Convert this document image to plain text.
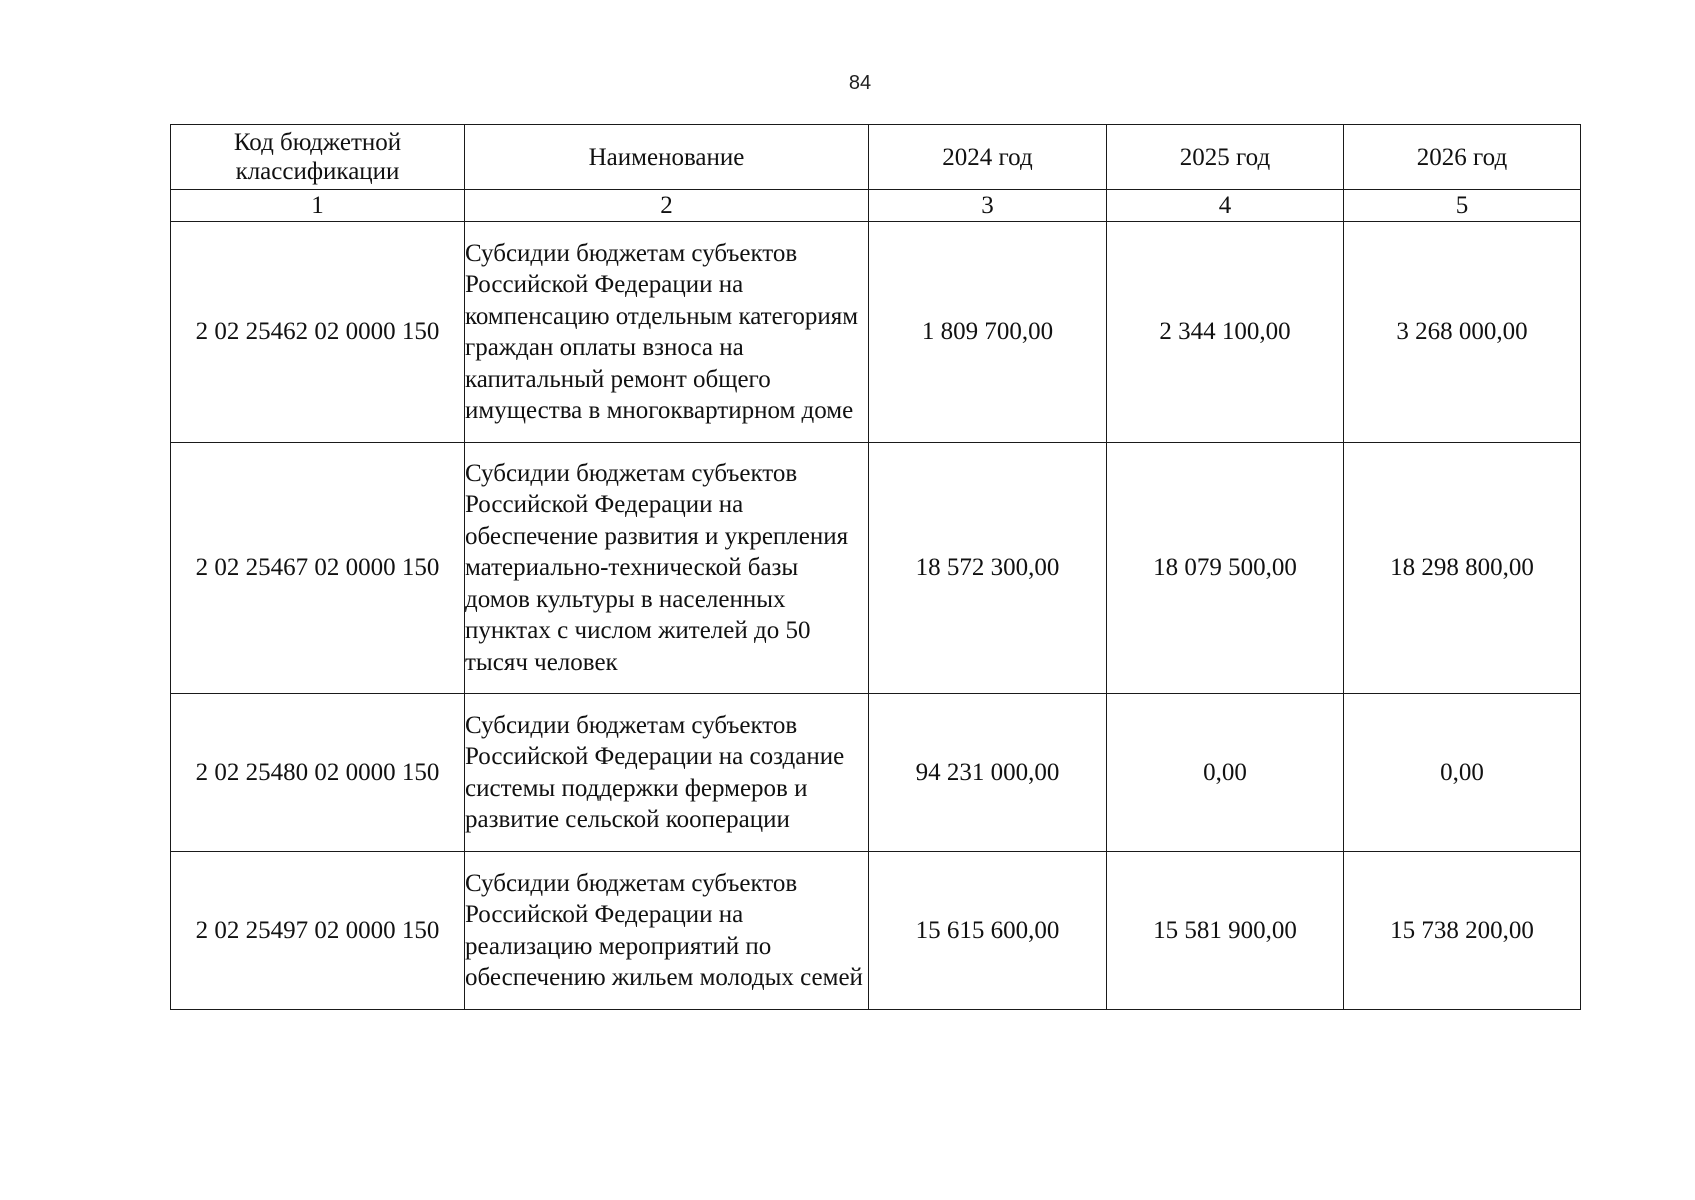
84
Код бюджетной классификации	Наименование	2024 год	2025 год	2026 год
1	2	3	4	5
2 02 25462 02 0000 150	Субсидии бюджетам субъектов Российской Федерации на компенсацию отдельным категориям граждан оплаты взноса на капитальный ремонт общего имущества в многоквартирном доме	1 809 700,00	2 344 100,00	3 268 000,00
2 02 25467 02 0000 150	Субсидии бюджетам субъектов Российской Федерации на обеспечение развития и укрепления материально-технической базы домов культуры в населенных пунктах с числом жителей до 50 тысяч человек	18 572 300,00	18 079 500,00	18 298 800,00
2 02 25480 02 0000 150	Субсидии бюджетам субъектов Российской Федерации на создание системы поддержки фермеров и развитие сельской кооперации	94 231 000,00	0,00	0,00
2 02 25497 02 0000 150	Субсидии бюджетам субъектов Российской Федерации на реализацию мероприятий по обеспечению жильем молодых семей	15 615 600,00	15 581 900,00	15 738 200,00
